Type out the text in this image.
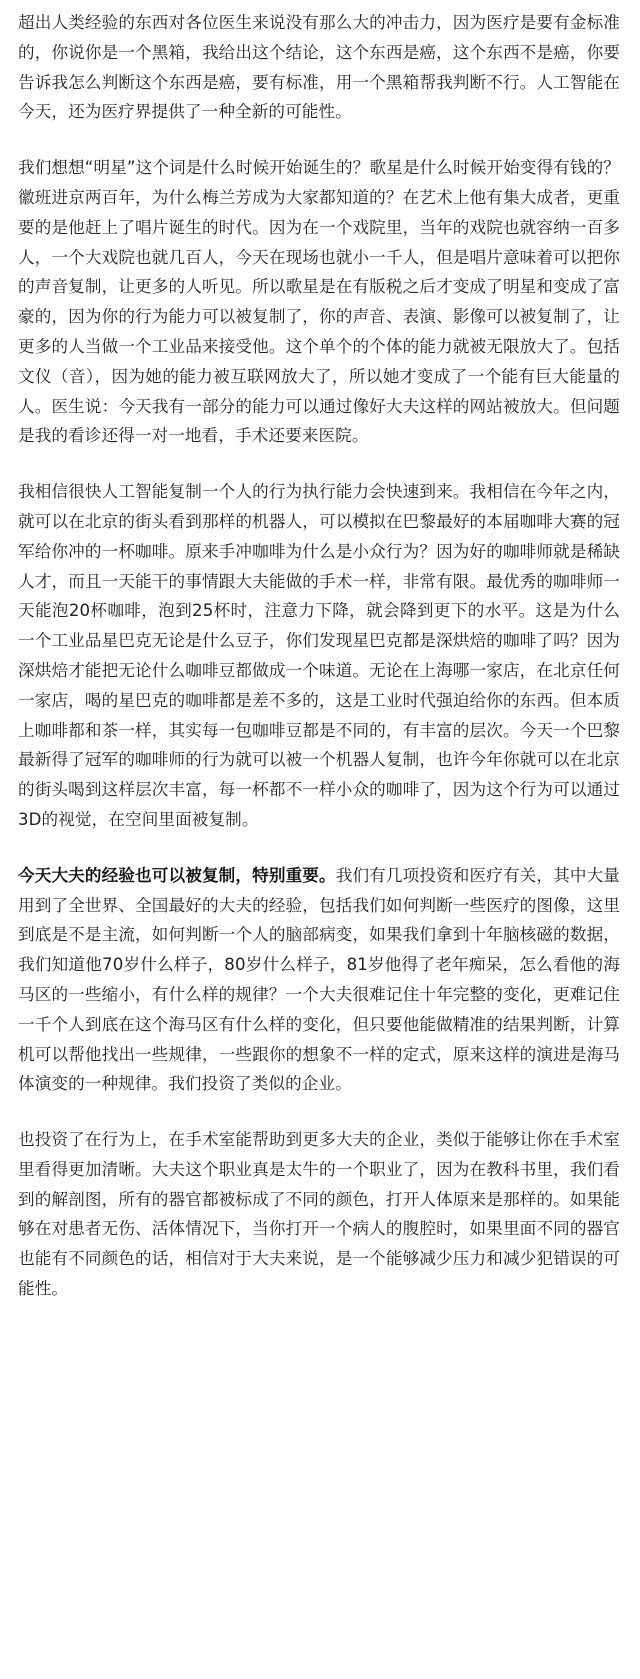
超出人类经验的东西对各位医生来说没有那么大的冲击力，因为医疗是要有金标准的，你说你是一个黑箱，我给出这个结论，这个东西是癌，这个东西不是癌，你要告诉我怎么判断这个东西是癌，要有标准，用一个黑箱帮我判断不行。人工智能在今天，还为医疗界提供了一种全新的可能性。

我们想想“明星”这个词是什么时候开始诞生的？歌星是什么时候开始变得有钱的？徽班进京两百年，为什么梅兰芳成为大家都知道的？在艺术上他有集大成者，更重要的是他赶上了唱片诞生的时代。因为在一个戏院里，当年的戏院也就容纳一百多人，一个大戏院也就几百人，今天在现场也就小一千人，但是唱片意味着可以把你的声音复制，让更多的人听见。所以歌星是在有版税之后才变成了明星和变成了富豪的，因为你的行为能力可以被复制了，你的声音、表演、影像可以被复制了，让更多的人当做一个工业品来接受他。这个单个的个体的能力就被无限放大了。包括文仪（音），因为她的能力被互联网放大了，所以她才变成了一个能有巨大能量的人。医生说：今天我有一部分的能力可以通过像好大夫这样的网站被放大。但问题是我的看诊还得一对一地看，手术还要来医院。

我相信很快人工智能复制一个人的行为执行能力会快速到来。我相信在今年之内，就可以在北京的街头看到那样的机器人，可以模拟在巴黎最好的本届咖啡大赛的冠军给你冲的一杯咖啡。原来手冲咖啡为什么是小众行为？因为好的咖啡师就是稀缺人才，而且一天能干的事情跟大夫能做的手术一样，非常有限。最优秀的咖啡师一天能泡20杯咖啡，泡到25杯时，注意力下降，就会降到更下的水平。这是为什么一个工业品星巴克无论是什么豆子，你们发现星巴克都是深烘焙的咖啡了吗？因为深烘焙才能把无论什么咖啡豆都做成一个味道。无论在上海哪一家店，在北京任何一家店，喝的星巴克的咖啡都是差不多的，这是工业时代强迫给你的东西。但本质上咖啡都和茶一样，其实每一包咖啡豆都是不同的，有丰富的层次。今天一个巴黎最新得了冠军的咖啡师的行为就可以被一个机器人复制，也许今年你就可以在北京的街头喝到这样层次丰富，每一杯都不一样小众的咖啡了，因为这个行为可以通过3D的视觉，在空间里面被复制。

今天大夫的经验也可以被复制，特别重要。我们有几项投资和医疗有关，其中大量用到了全世界、全国最好的大夫的经验，包括我们如何判断一些医疗的图像，这里到底是不是主流，如何判断一个人的脑部病变，如果我们拿到十年脑核磁的数据，我们知道他70岁什么样子，80岁什么样子，81岁他得了老年痴呆，怎么看他的海马区的一些缩小，有什么样的规律？一个大夫很难记住十年完整的变化，更难记住一千个人到底在这个海马区有什么样的变化，但只要他能做精准的结果判断，计算机可以帮他找出一些规律，一些跟你的想象不一样的定式，原来这样的演进是海马体演变的一种规律。我们投资了类似的企业。

也投资了在行为上，在手术室能帮助到更多大夫的企业，类似于能够让你在手术室里看得更加清晰。大夫这个职业真是太牛的一个职业了，因为在教科书里，我们看到的解剖图，所有的器官都被标成了不同的颜色，打开人体原来是那样的。如果能够在对患者无伤、活体情况下，当你打开一个病人的腹腔时，如果里面不同的器官也能有不同颜色的话，相信对于大夫来说，是一个能够减少压力和减少犯错误的可能性。
